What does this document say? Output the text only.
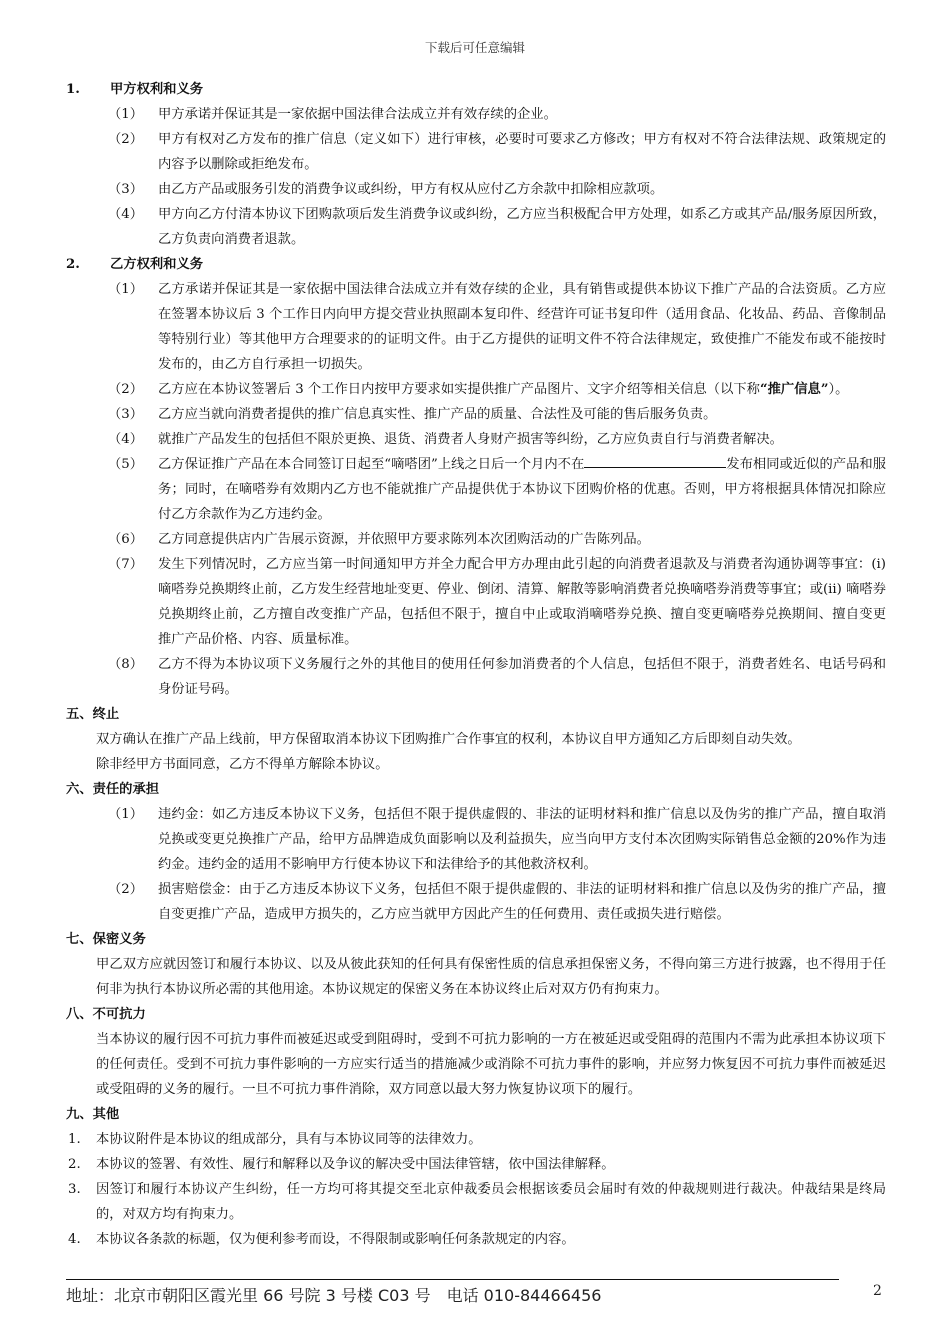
下载后可任意编辑

1. 甲方权利和义务

（1） 甲方承诺并保证其是一家依据中国法律合法成立并有效存续的企业。

（2） 甲方有权对乙方发布的推广信息（定义如下）进行审核，必要时可要求乙方修改；甲方有权对不符合法律法规、政策规定的内容予以删除或拒绝发布。

（3） 由乙方产品或服务引发的消费争议或纠纷，甲方有权从应付乙方余款中扣除相应款项。

（4） 甲方向乙方付清本协议下团购款项后发生消费争议或纠纷，乙方应当积极配合甲方处理，如系乙方或其产品/服务原因所致，乙方负责向消费者退款。

2. 乙方权利和义务

（1） 乙方承诺并保证其是一家依据中国法律合法成立并有效存续的企业，具有销售或提供本协议下推广产品的合法资质。乙方应在签署本协议后 3 个工作日内向甲方提交营业执照副本复印件、经营许可证书复印件（适用食品、化妆品、药品、音像制品等特别行业）等其他甲方合理要求的的证明文件。由于乙方提供的证明文件不符合法律规定，致使推广不能发布或不能按时发布的，由乙方自行承担一切损失。

（2） 乙方应在本协议签署后 3 个工作日内按甲方要求如实提供推广产品图片、文字介绍等相关信息（以下称“推广信息”）。

（3） 乙方应当就向消费者提供的推广信息真实性、推广产品的质量、合法性及可能的售后服务负责。

（4） 就推广产品发生的包括但不限於更换、退货、消费者人身财产损害等纠纷，乙方应负责自行与消费者解决。

（5） 乙方保证推广产品在本合同签订日起至“嘀嗒团”上线之日后一个月内不在	发布相同或近似的产品和服务；同时，在嘀嗒券有效期内乙方也不能就推广产品提供优于本协议下团购价格的优惠。否则，甲方将根据具体情况扣除应付乙方余款作为乙方违约金。

（6） 乙方同意提供店内广告展示资源，并依照甲方要求陈列本次团购活动的广告陈列品。

（7） 发生下列情况时，乙方应当第一时间通知甲方并全力配合甲方办理由此引起的向消费者退款及与消费者沟通协调等事宜：(i)嘀嗒券兑换期终止前，乙方发生经营地址变更、停业、倒闭、清算、解散等影响消费者兑换嘀嗒券消费等事宜；或(ii) 嘀嗒券兑换期终止前，乙方擅自改变推广产品，包括但不限于，擅自中止或取消嘀嗒券兑换、擅自变更嘀嗒券兑换期间、擅自变更推广产品价格、内容、质量标准。

（8） 乙方不得为本协议项下义务履行之外的其他目的使用任何参加消费者的个人信息，包括但不限于，消费者姓名、电话号码和身份证号码。

五、终止

双方确认在推广产品上线前，甲方保留取消本协议下团购推广合作事宜的权利，本协议自甲方通知乙方后即刻自动失效。

除非经甲方书面同意，乙方不得单方解除本协议。

六、责任的承担

（1） 违约金：如乙方违反本协议下义务，包括但不限于提供虚假的、非法的证明材料和推广信息以及伪劣的推广产品，擅自取消兑换或变更兑换推广产品，给甲方品牌造成负面影响以及利益损失，应当向甲方支付本次团购实际销售总金额的20%作为违约金。违约金的适用不影响甲方行使本协议下和法律给予的其他救济权利。

（2） 损害赔偿金：由于乙方违反本协议下义务，包括但不限于提供虚假的、非法的证明材料和推广信息以及伪劣的推广产品，擅自变更推广产品，造成甲方损失的，乙方应当就甲方因此产生的任何费用、责任或损失进行赔偿。

七、保密义务

甲乙双方应就因签订和履行本协议、以及从彼此获知的任何具有保密性质的信息承担保密义务，不得向第三方进行披露，也不得用于任何非为执行本协议所必需的其他用途。本协议规定的保密义务在本协议终止后对双方仍有拘束力。

八、不可抗力

当本协议的履行因不可抗力事件而被延迟或受到阻碍时，受到不可抗力影响的一方在被延迟或受阻碍的范围内不需为此承担本协议项下的任何责任。受到不可抗力事件影响的一方应实行适当的措施减少或消除不可抗力事件的影响，并应努力恢复因不可抗力事件而被延迟或受阻碍的义务的履行。一旦不可抗力事件消除，双方同意以最大努力恢复协议项下的履行。

九、其他

1. 本协议附件是本协议的组成部分，具有与本协议同等的法律效力。

2. 本协议的签署、有效性、履行和解释以及争议的解决受中国法律管辖，依中国法律解释。

3. 因签订和履行本协议产生纠纷，任一方均可将其提交至北京仲裁委员会根据该委员会届时有效的仲裁规则进行裁决。仲裁结果是终局的，对双方均有拘束力。

4. 本协议各条款的标题，仅为便利参考而设，不得限制或影响任何条款规定的内容。

地址：北京市朝阳区霞光里 66 号院 3 号楼 C03 号　电话 010-84466456	2
